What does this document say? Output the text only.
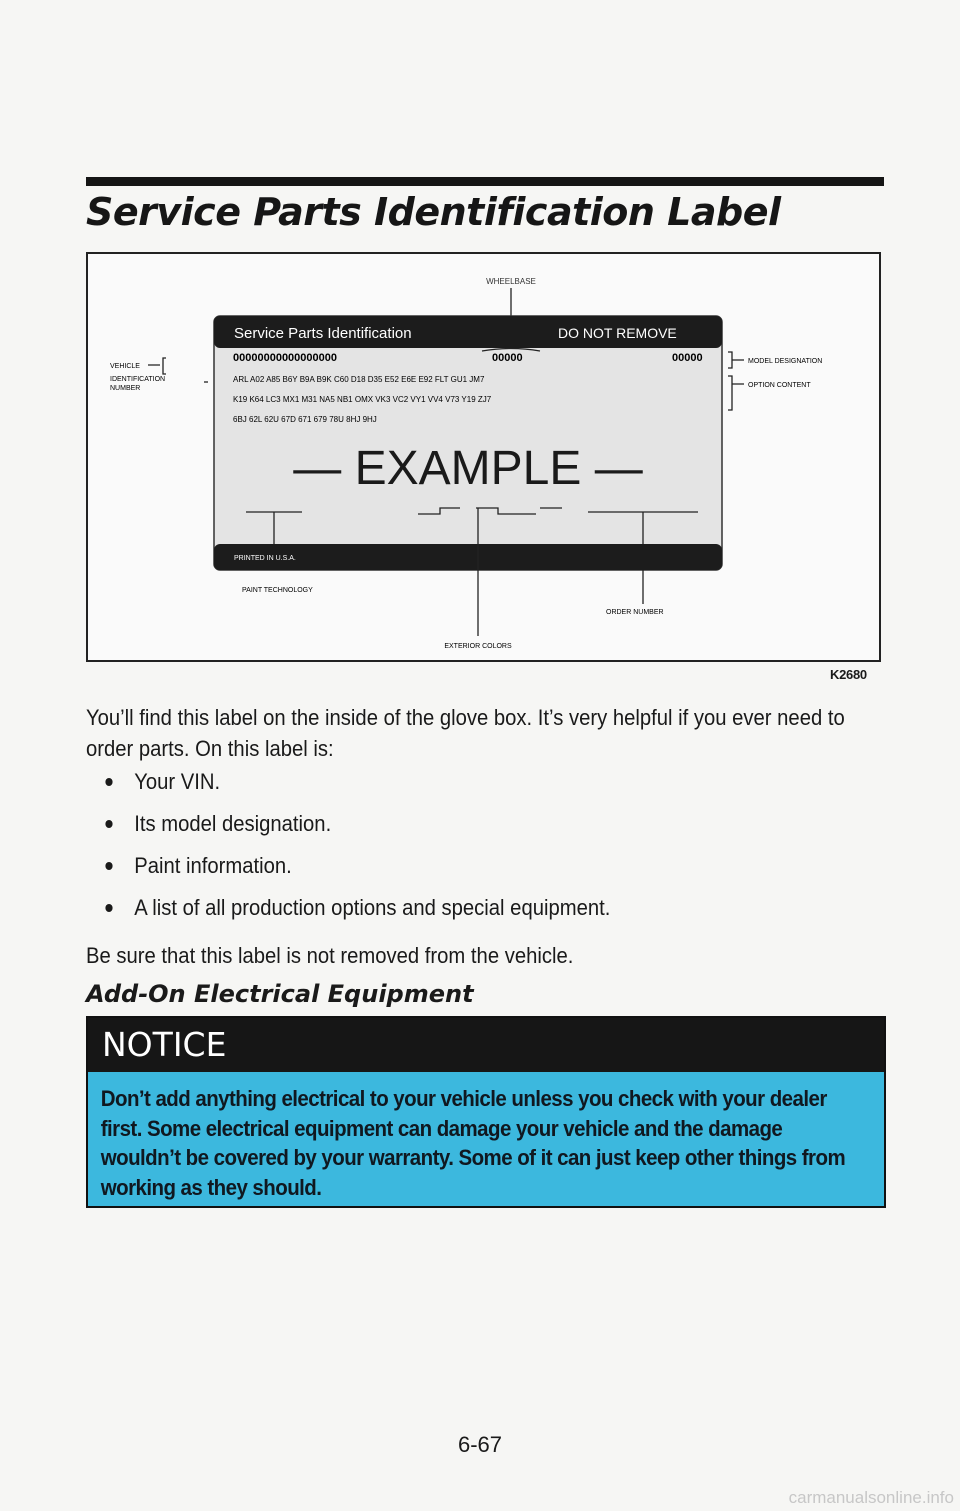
Service Parts Identification Label
WHEELBASE
Service Parts Identification	DO NOT REMOVE
00000000000000000	00000	00000
ARL A02 A85 B6Y B9A B9K C60 D18 D35 E52 E6E E92 FLT GU1 JM7
K19 K64 LC3 MX1 M31 NA5 NB1 OMX VK3 VC2 VY1 VV4 V73 Y19 ZJ7
6BJ 62L 62U 67D 671 679 78U 8HJ 9HJ
— EXAMPLE —
PRINTED IN U.S.A.
VEHICLE
IDENTIFICATION
NUMBER
MODEL DESIGNATION
OPTION CONTENT
PAINT TECHNOLOGY
ORDER NUMBER
EXTERIOR COLORS
K2680
You’ll find this label on the inside of the glove box. It’s very helpful if you ever need to order parts. On this label is:
Your VIN.
Its model designation.
Paint information.
A list of all production options and special equipment.
Be sure that this label is not removed from the vehicle.
Add-On Electrical Equipment
NOTICE
Don’t add anything electrical to your vehicle unless you check with your dealer first. Some electrical equipment can damage your vehicle and the damage wouldn’t be covered by your warranty. Some of it can just keep other things from working as they should.
6-67
carmanualsonline.info
